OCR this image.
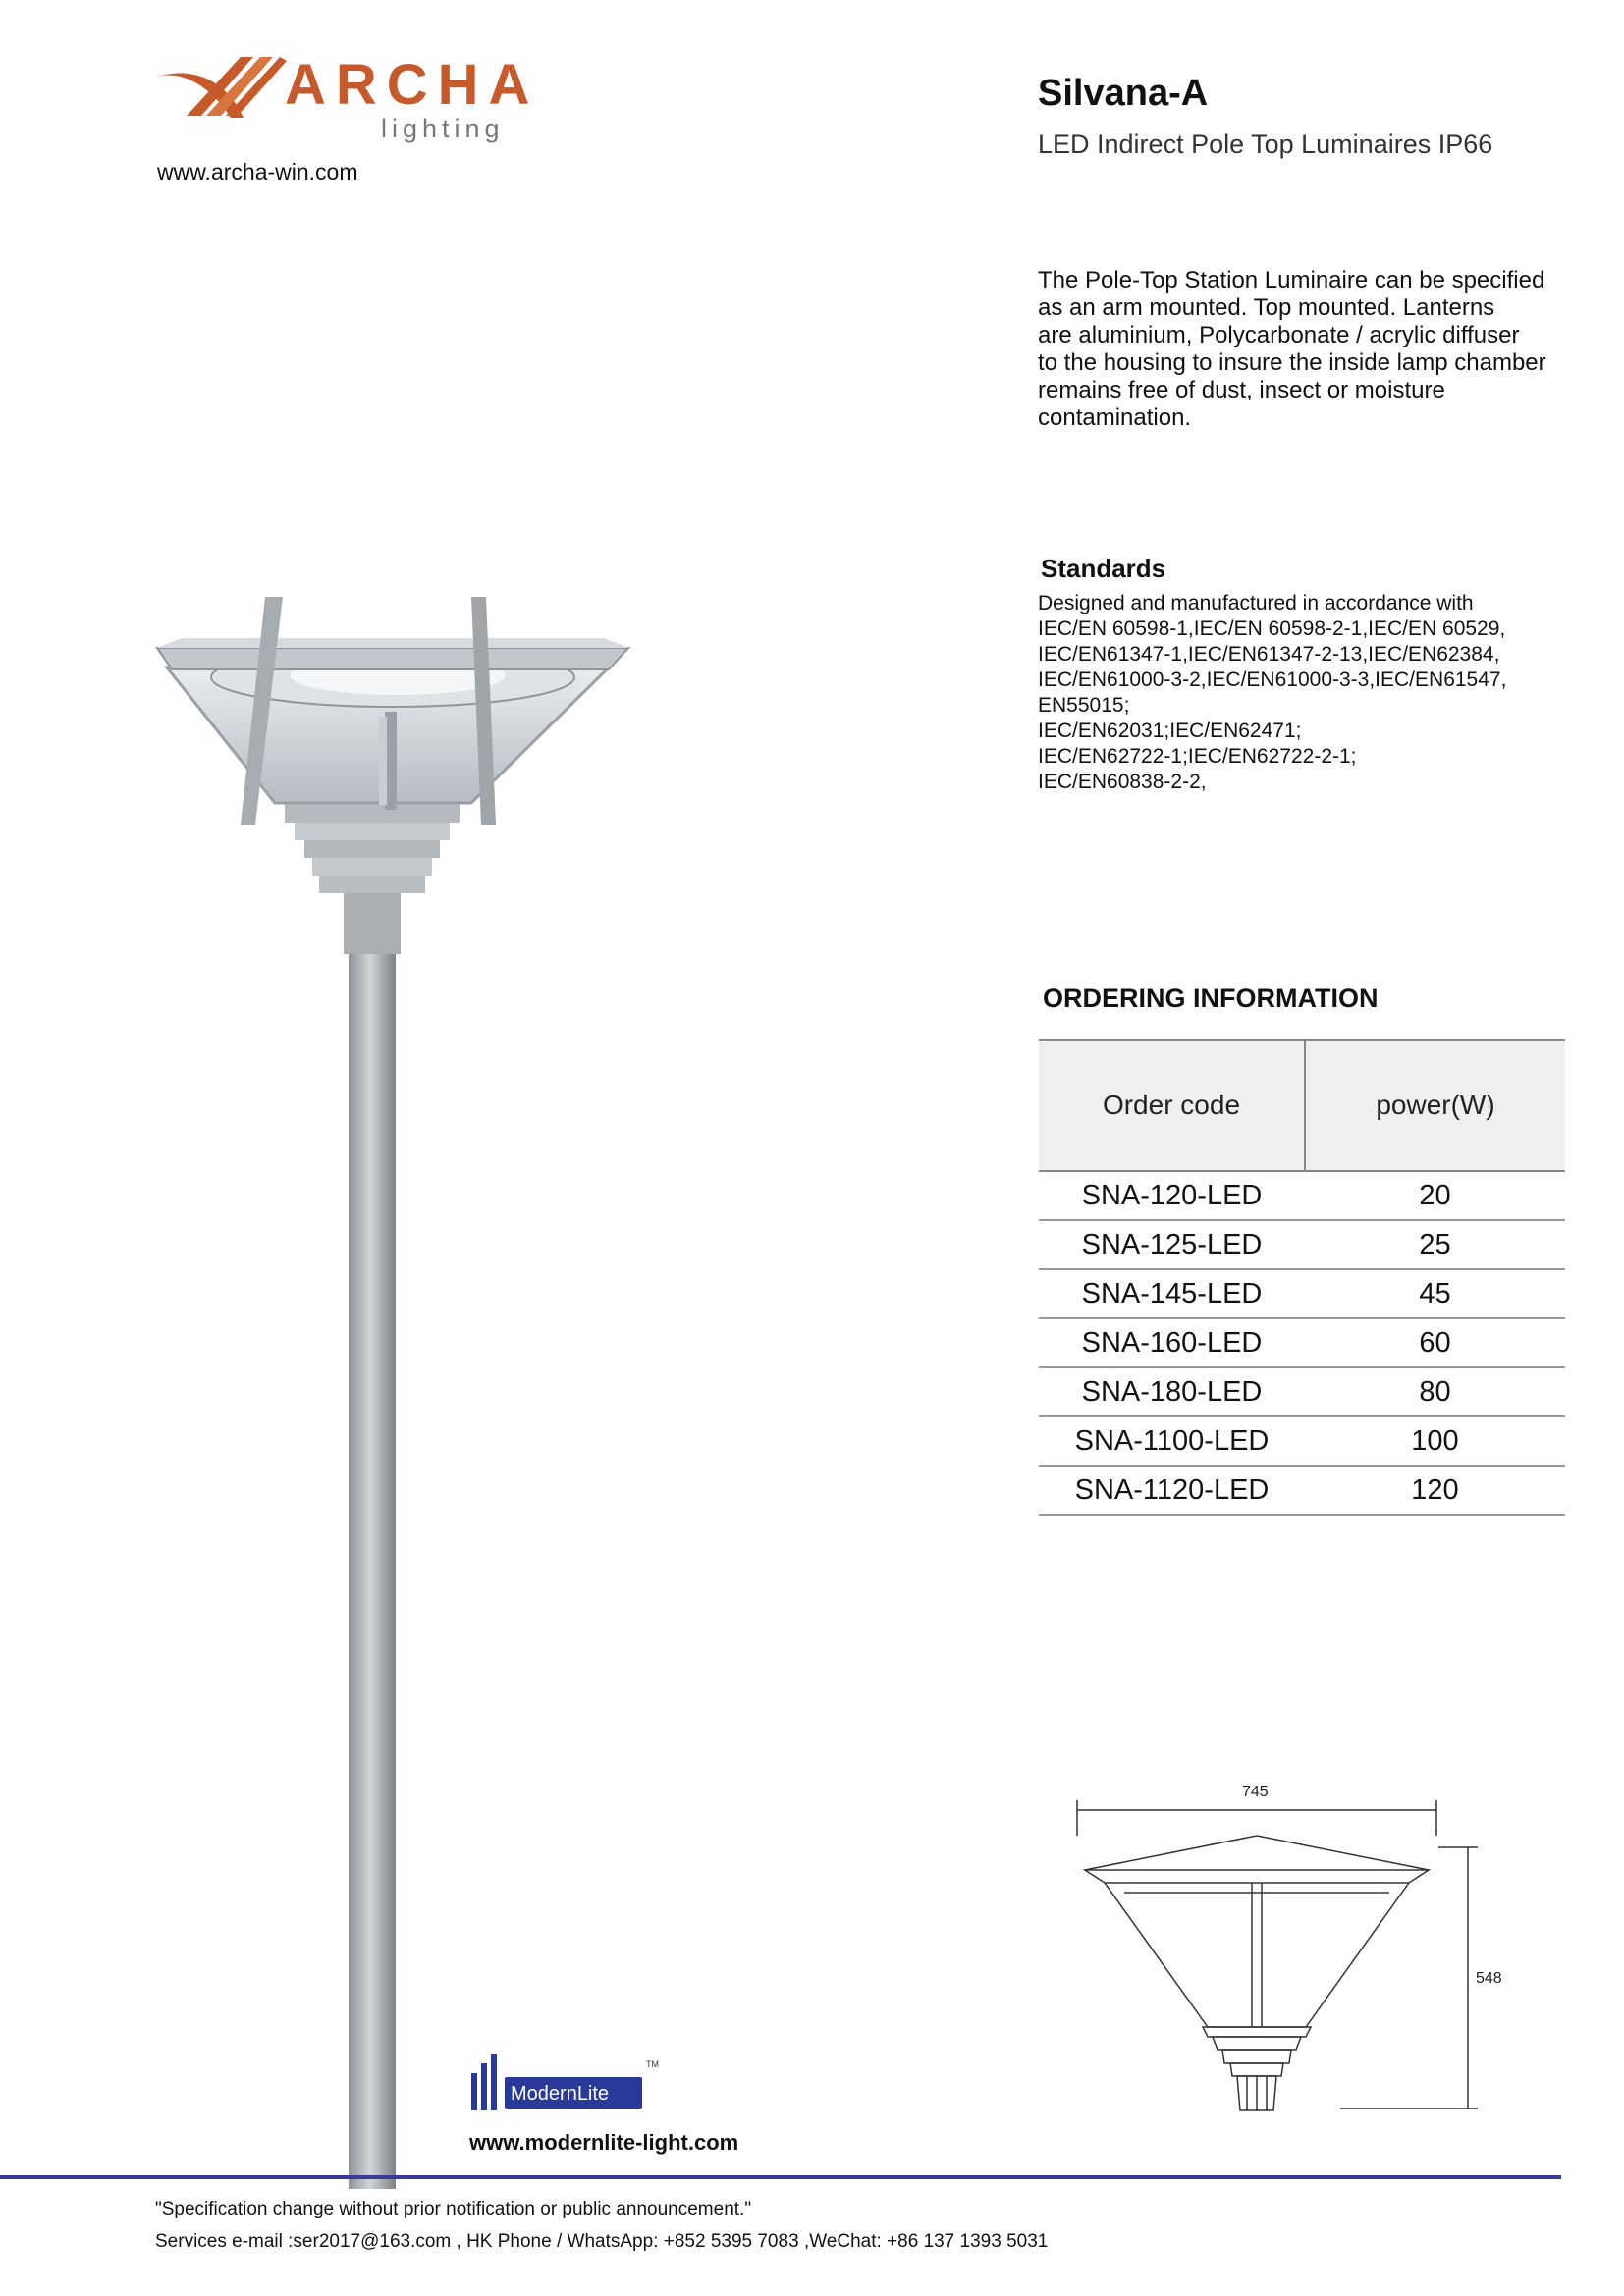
ARCHA
lighting
www.archa-win.com
Silvana-A
LED Indirect Pole Top Luminaires IP66
The Pole-Top Station Luminaire can be specified
as an arm mounted. Top mounted. Lanterns
are aluminium, Polycarbonate / acrylic diffuser
to the housing to insure the inside lamp chamber
remains free of dust, insect or moisture
contamination.
Standards
Designed and manufactured in accordance with
IEC/EN 60598-1,IEC/EN 60598-2-1,IEC/EN 60529,
IEC/EN61347-1,IEC/EN61347-2-13,IEC/EN62384,
IEC/EN61000-3-2,IEC/EN61000-3-3,IEC/EN61547,
EN55015;
IEC/EN62031;IEC/EN62471;
IEC/EN62722-1;IEC/EN62722-2-1;
IEC/EN60838-2-2,
ORDERING INFORMATION
Order code	power(W)
SNA-120-LED	20
SNA-125-LED	25
SNA-145-LED	45
SNA-160-LED	60
SNA-180-LED	80
SNA-1100-LED	100
SNA-1120-LED	120
745
548
ModernLite
TM
www.modernlite-light.com
"Specification change without prior notification or public announcement."
Services e-mail :ser2017@163.com , HK Phone / WhatsApp: +852 5395 7083 ,WeChat: +86 137 1393 5031
